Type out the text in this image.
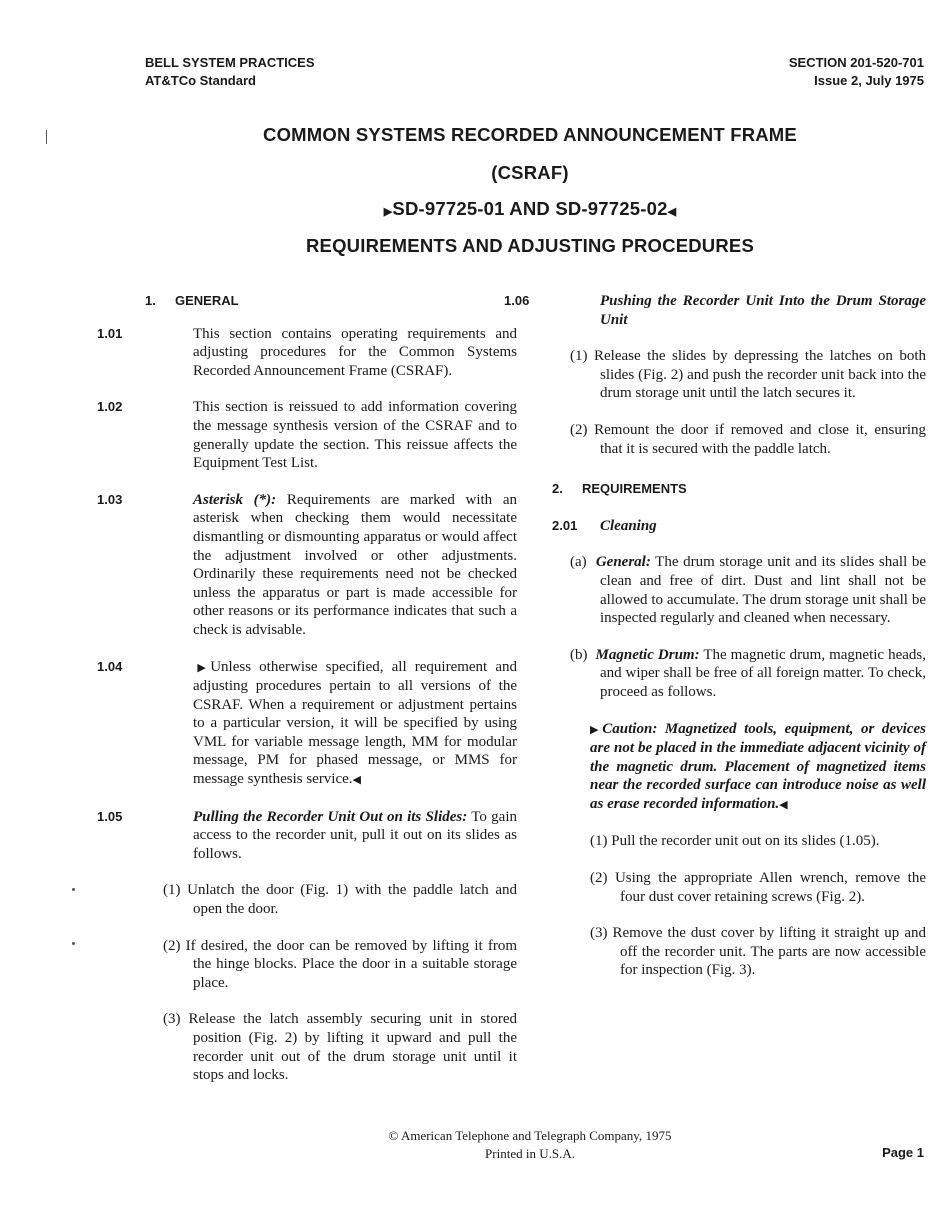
BELL SYSTEM PRACTICES
AT&TCo Standard
SECTION 201-520-701
Issue 2, July 1975
COMMON SYSTEMS RECORDED ANNOUNCEMENT FRAME
(CSRAF)
▶SD-97725-01 AND SD-97725-02◀
REQUIREMENTS AND ADJUSTING PROCEDURES

1. GENERAL

1.01	This section contains operating requirements and adjusting procedures for the Common Systems Recorded Announcement Frame (CSRAF).

1.02	This section is reissued to add information covering the message synthesis version of the CSRAF and to generally update the section. This reissue affects the Equipment Test List.

1.03	Asterisk (*): Requirements are marked with an asterisk when checking them would necessitate dismantling or dismounting apparatus or would affect the adjustment involved or other adjustments. Ordinarily these requirements need not be checked unless the apparatus or part is made accessible for other reasons or its performance indicates that such a check is advisable.

1.04	▶Unless otherwise specified, all requirement and adjusting procedures pertain to all versions of the CSRAF. When a requirement or adjustment pertains to a particular version, it will be specified by using VML for variable message length, MM for modular message, PM for phased message, or MMS for message synthesis service.◀

1.05	Pulling the Recorder Unit Out on its Slides: To gain access to the recorder unit, pull it out on its slides as follows.

(1) Unlatch the door (Fig. 1) with the paddle latch and open the door.

(2) If desired, the door can be removed by lifting it from the hinge blocks. Place the door in a suitable storage place.

(3) Release the latch assembly securing unit in stored position (Fig. 2) by lifting it upward and pull the recorder unit out of the drum storage unit until it stops and locks.

1.06	Pushing the Recorder Unit Into the Drum Storage Unit

(1) Release the slides by depressing the latches on both slides (Fig. 2) and push the recorder unit back into the drum storage unit until the latch secures it.

(2) Remount the door if removed and close it, ensuring that it is secured with the paddle latch.

2. REQUIREMENTS

2.01 Cleaning

(a) General: The drum storage unit and its slides shall be clean and free of dirt. Dust and lint shall not be allowed to accumulate. The drum storage unit shall be inspected regularly and cleaned when necessary.

(b) Magnetic Drum: The magnetic drum, magnetic heads, and wiper shall be free of all foreign matter. To check, proceed as follows.

▶Caution: Magnetized tools, equipment, or devices are not be placed in the immediate adjacent vicinity of the magnetic drum. Placement of magnetized items near the recorded surface can introduce noise as well as erase recorded information.◀

(1) Pull the recorder unit out on its slides (1.05).

(2) Using the appropriate Allen wrench, remove the four dust cover retaining screws (Fig. 2).

(3) Remove the dust cover by lifting it straight up and off the recorder unit. The parts are now accessible for inspection (Fig. 3).

© American Telephone and Telegraph Company, 1975
Printed in U.S.A.	Page 1
